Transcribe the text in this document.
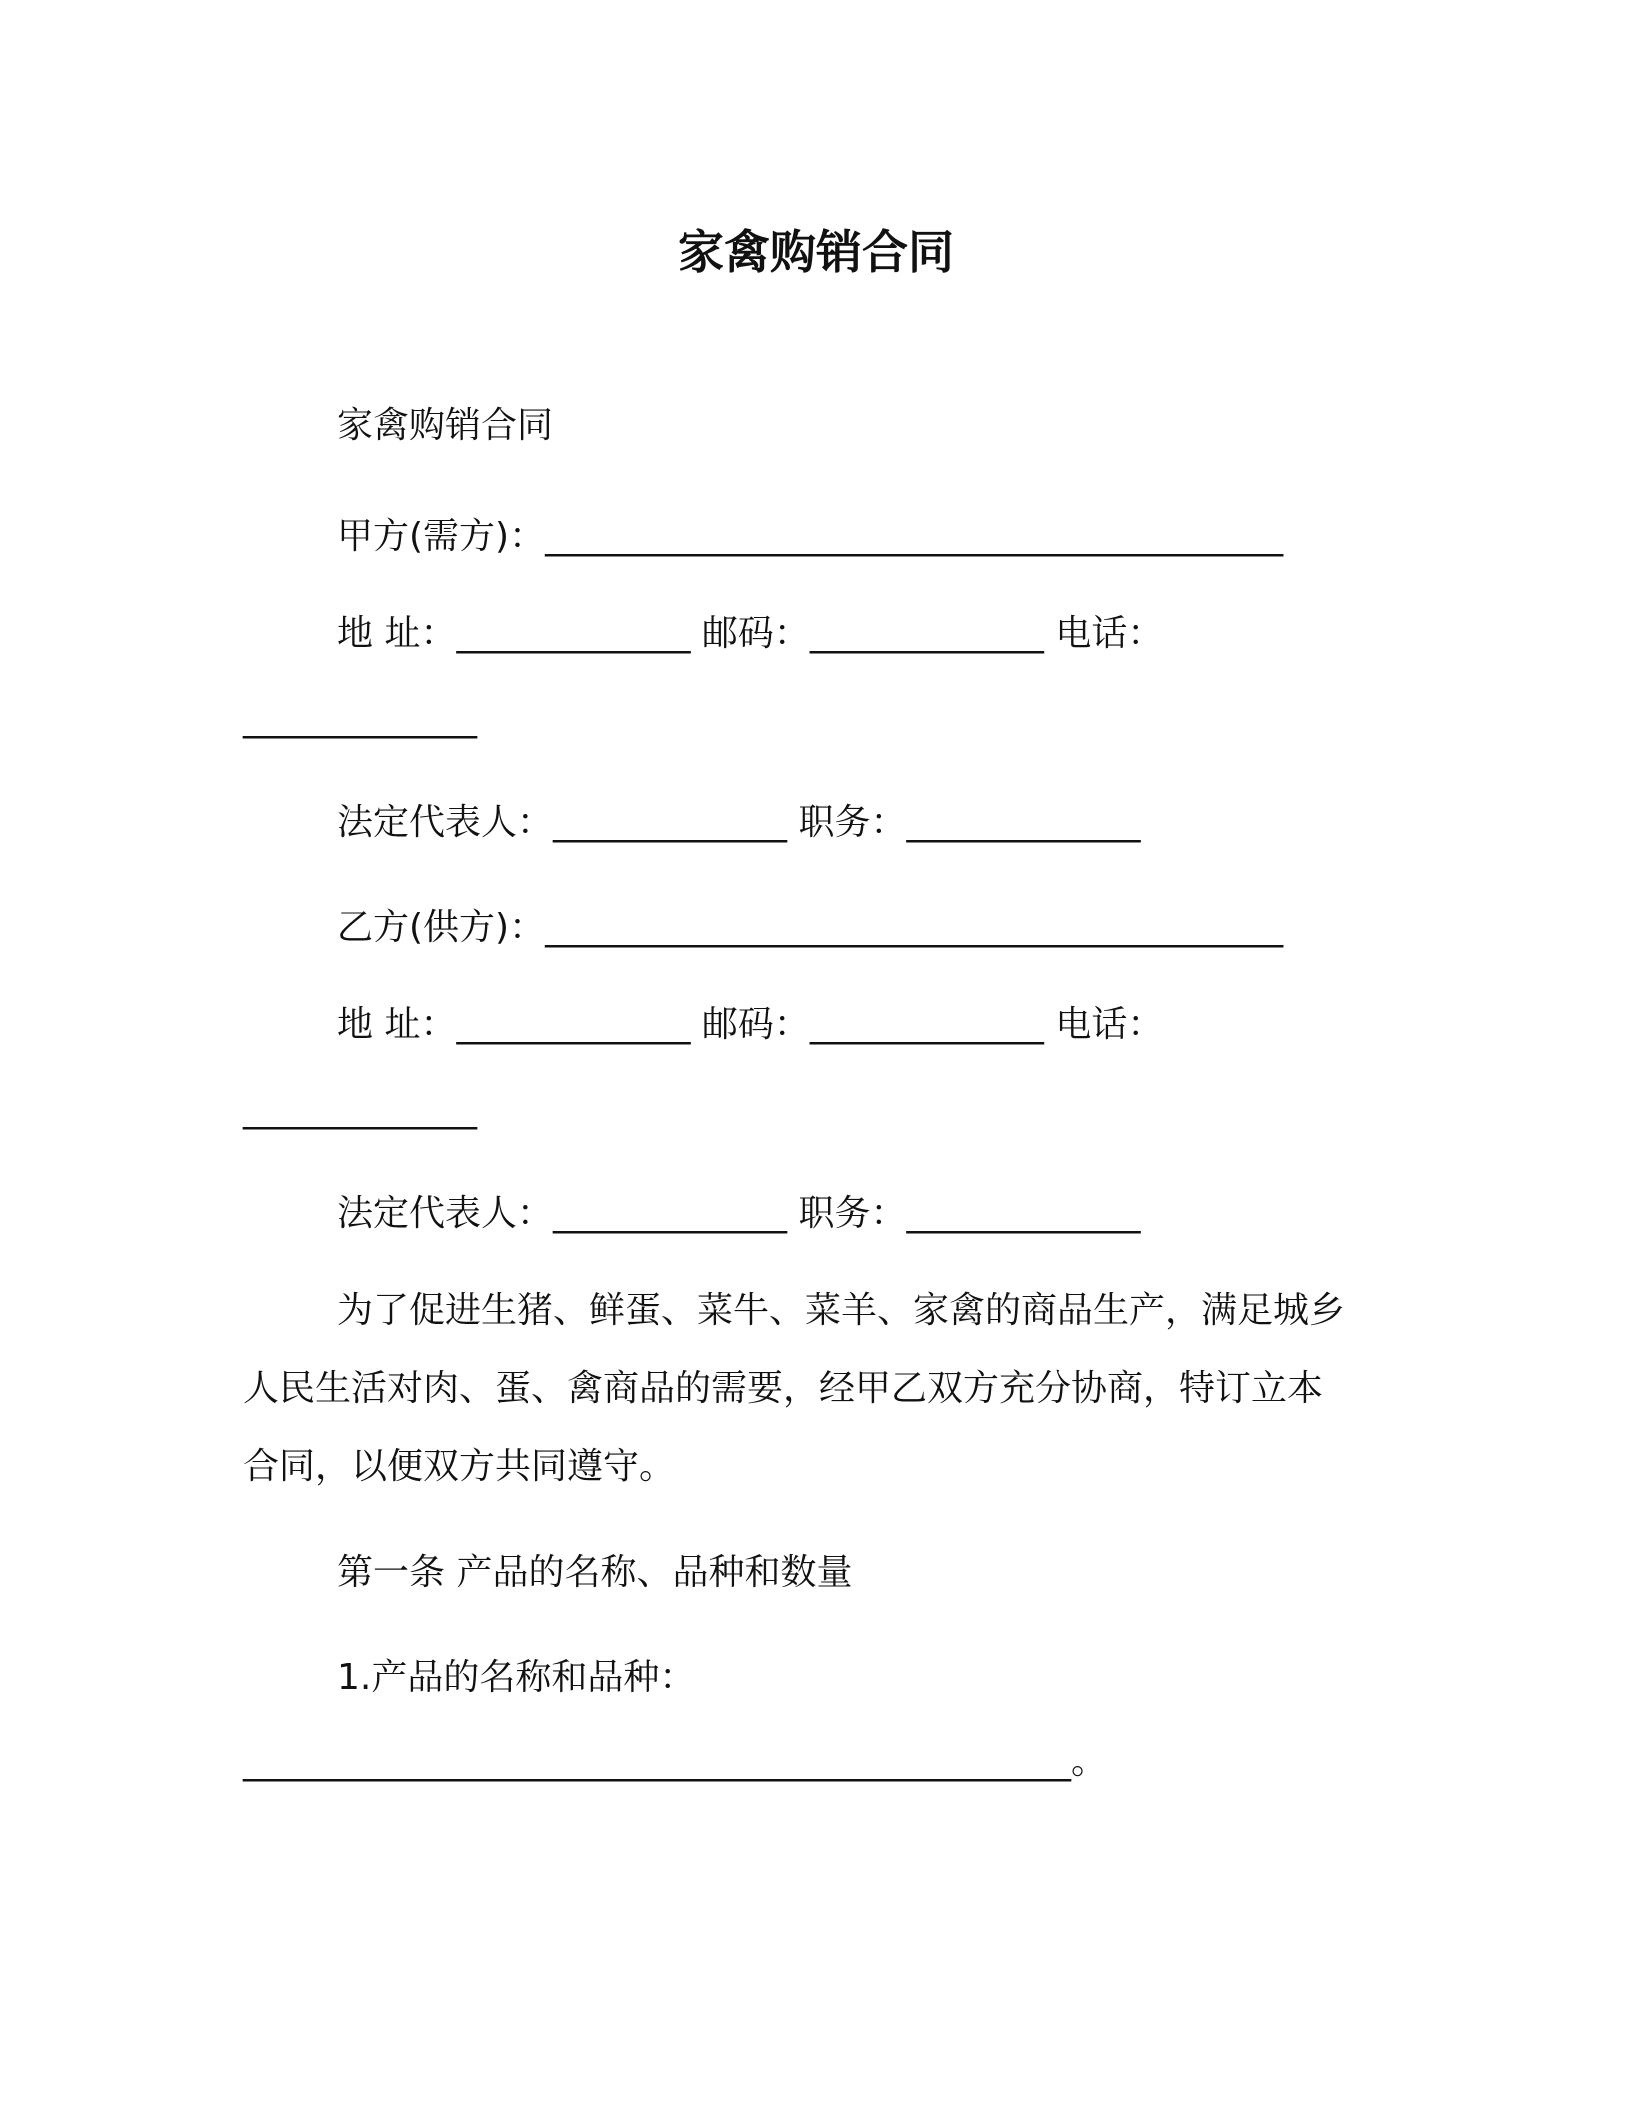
家禽购销合同
家禽购销合同
甲方(需方)：_________________________________________
地 址：_____________ 邮码：_____________ 电话：
_____________
法定代表人：_____________ 职务：_____________
乙方(供方)：_________________________________________
地 址：_____________ 邮码：_____________ 电话：
_____________
法定代表人：_____________ 职务：_____________
为了促进生猪、鲜蛋、菜牛、菜羊、家禽的商品生产，满足城乡
人民生活对肉、蛋、禽商品的需要，经甲乙双方充分协商，特订立本
合同，以便双方共同遵守。
第一条 产品的名称、品种和数量
1.产品的名称和品种：
______________________________________________。
